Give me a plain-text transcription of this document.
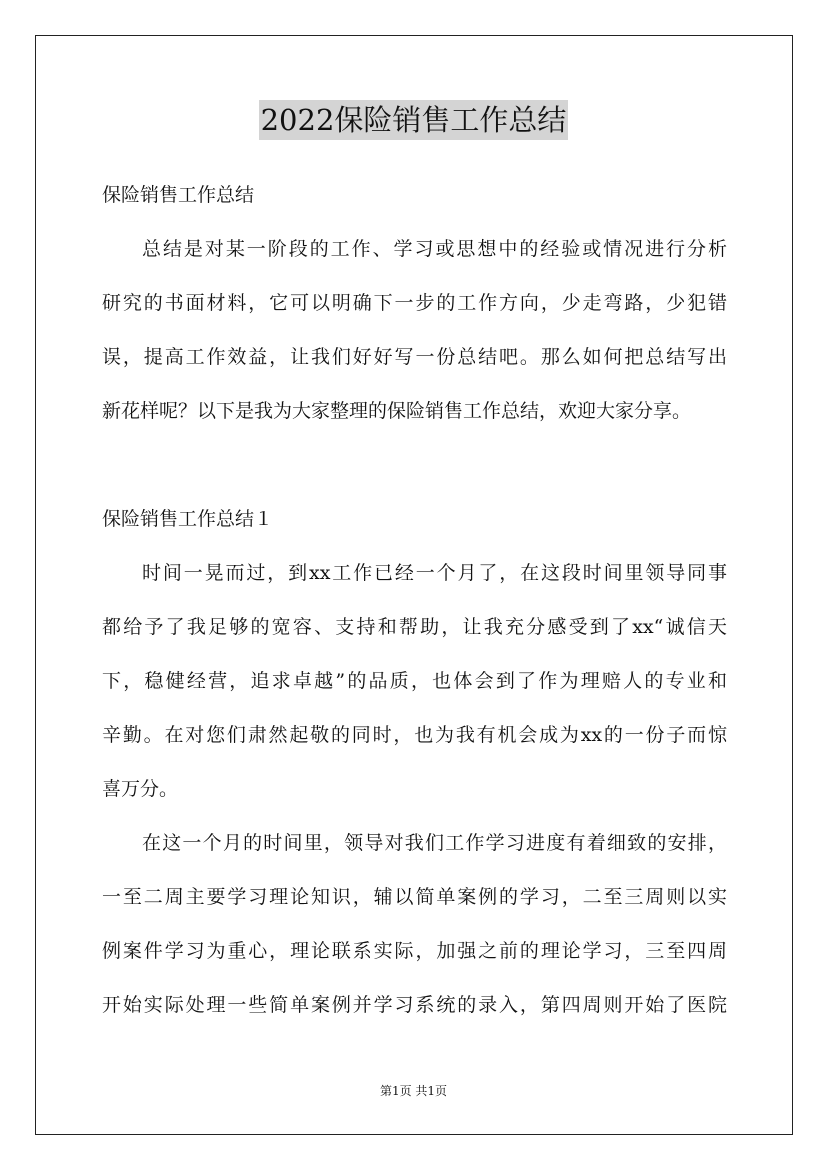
2022保险销售工作总结
保险销售工作总结
总结是对某一阶段的工作、学习或思想中的经验或情况进行分析
研究的书面材料，它可以明确下一步的工作方向，少走弯路，少犯错
误，提高工作效益，让我们好好写一份总结吧。那么如何把总结写出
新花样呢？以下是我为大家整理的保险销售工作总结，欢迎大家分享。
保险销售工作总结１
时间一晃而过，到xx工作已经一个月了，在这段时间里领导同事
都给予了我足够的宽容、支持和帮助，让我充分感受到了xx“诚信天
下，稳健经营，追求卓越”的品质，也体会到了作为理赔人的专业和
辛勤。在对您们肃然起敬的同时，也为我有机会成为xx的一份子而惊
喜万分。
在这一个月的时间里，领导对我们工作学习进度有着细致的安排，
一至二周主要学习理论知识，辅以简单案例的学习，二至三周则以实
例案件学习为重心，理论联系实际，加强之前的理论学习，三至四周
开始实际处理一些简单案例并学习系统的录入，第四周则开始了医院
第1页 共1页
